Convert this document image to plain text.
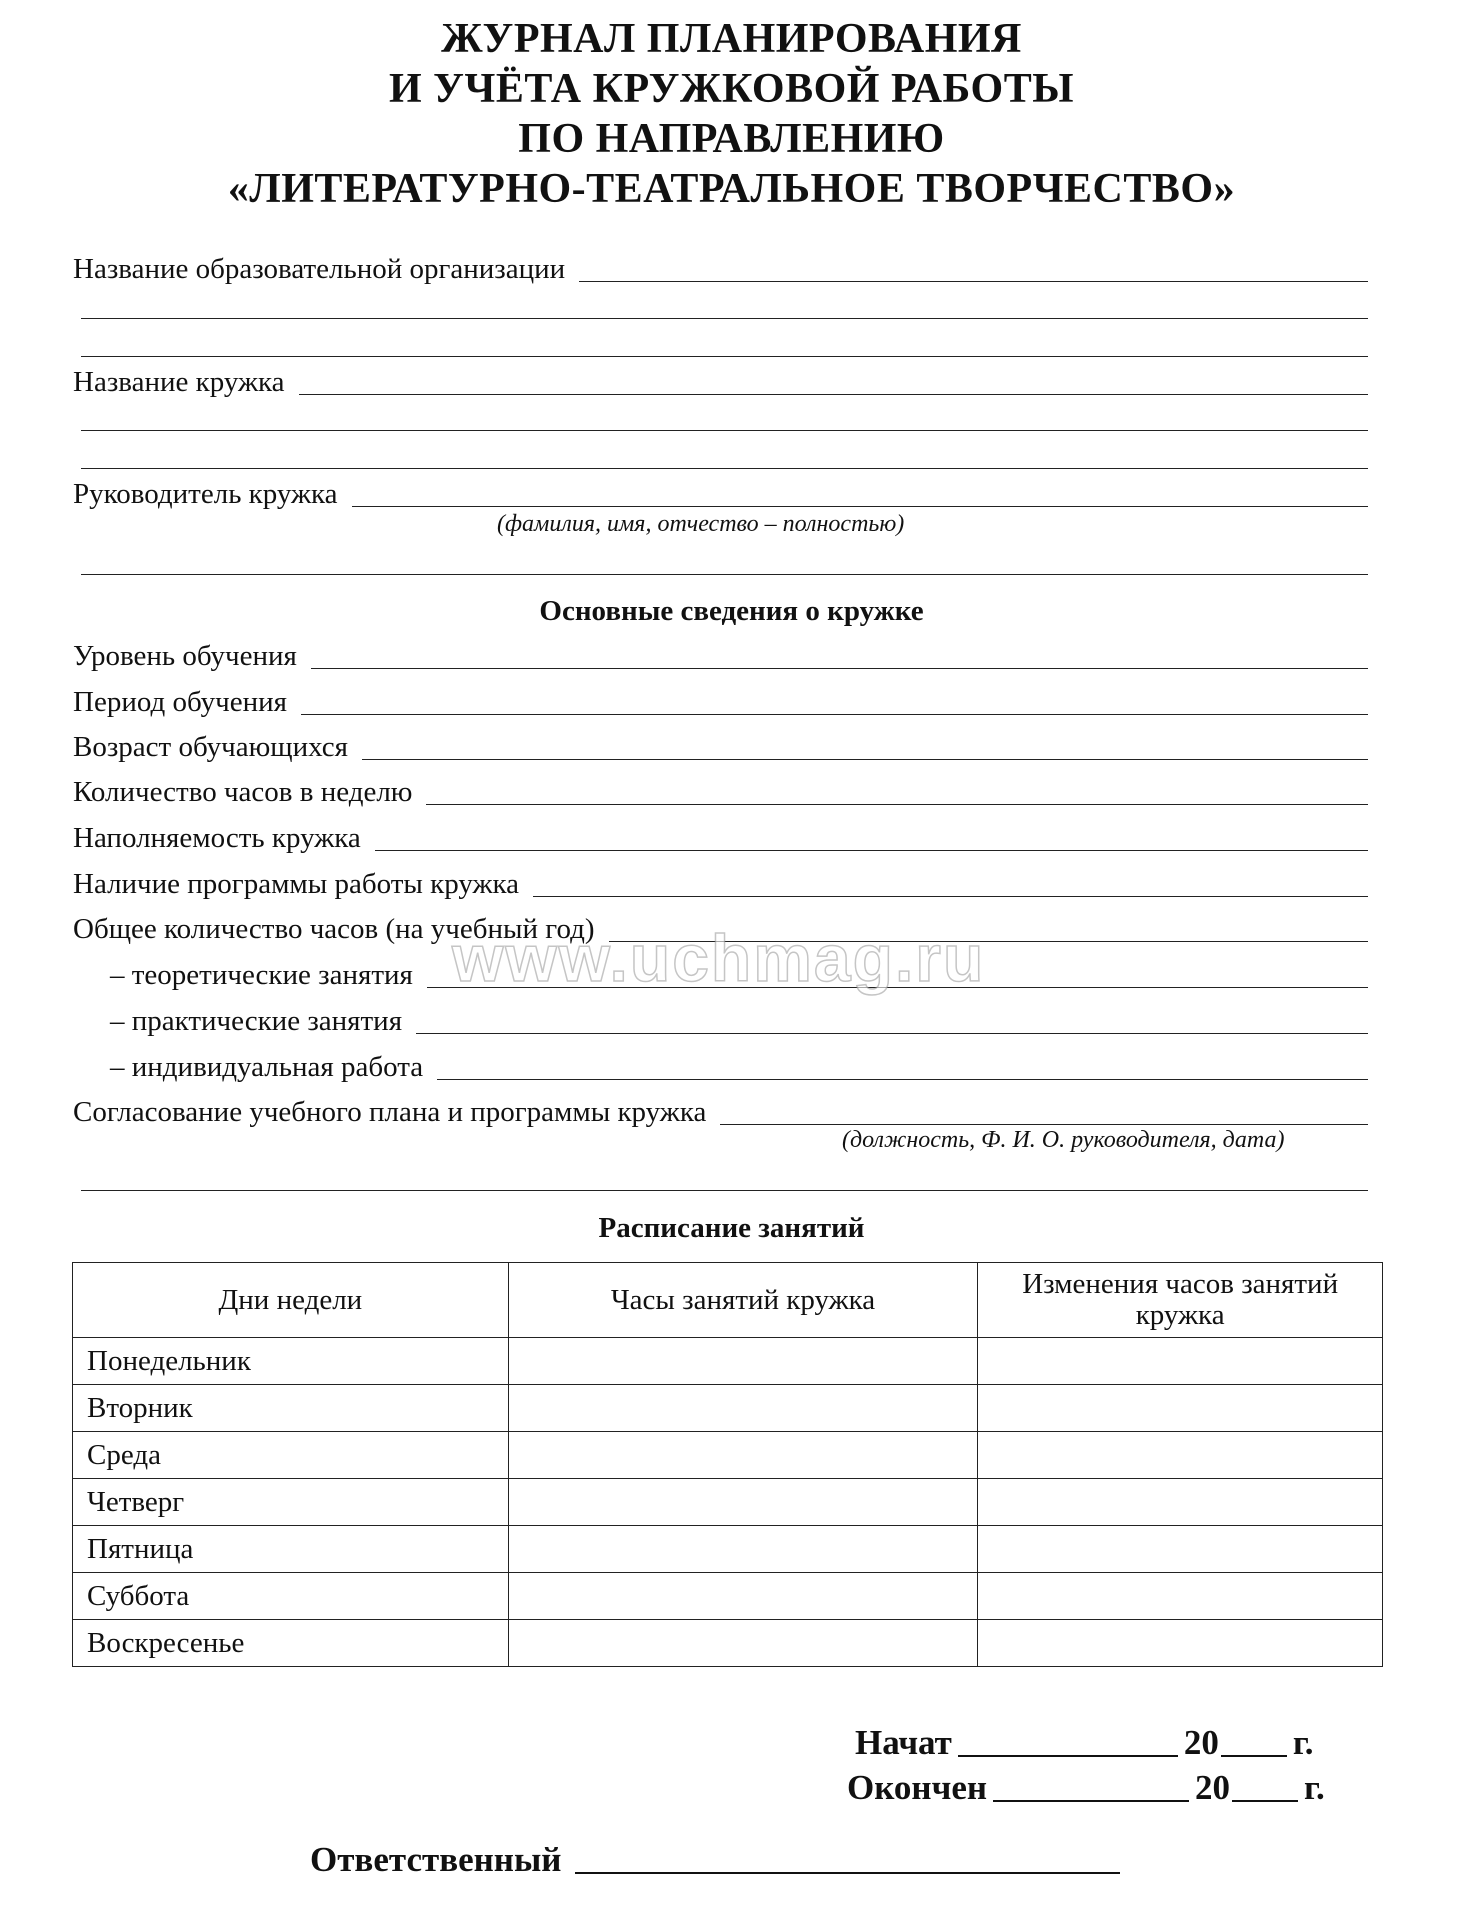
ЖУРНАЛ ПЛАНИРОВАНИЯ
И УЧЁТА КРУЖКОВОЙ РАБОТЫ
ПО НАПРАВЛЕНИЮ
«ЛИТЕРАТУРНО-ТЕАТРАЛЬНОЕ ТВОРЧЕСТВО»
Название образовательной организации
Название кружка
Руководитель кружка
(фамилия, имя, отчество – полностью)
Основные сведения о кружке
Уровень обучения
Период обучения
Возраст обучающихся
Количество часов в неделю
Наполняемость кружка
Наличие программы работы кружка
Общее количество часов (на учебный год)
– теоретические занятия
– практические занятия
– индивидуальная работа
Согласование учебного плана и программы кружка
(должность, Ф. И. О. руководителя, дата)
www.uchmag.ru
Расписание занятий
Дни недели	Часы занятий кружка	Изменения часов занятий кружка
Понедельник		
Вторник		
Среда		
Четверг		
Пятница		
Суббота		
Воскресенье		
Начат	20 г.
Окончен	20 г.
Ответственный
